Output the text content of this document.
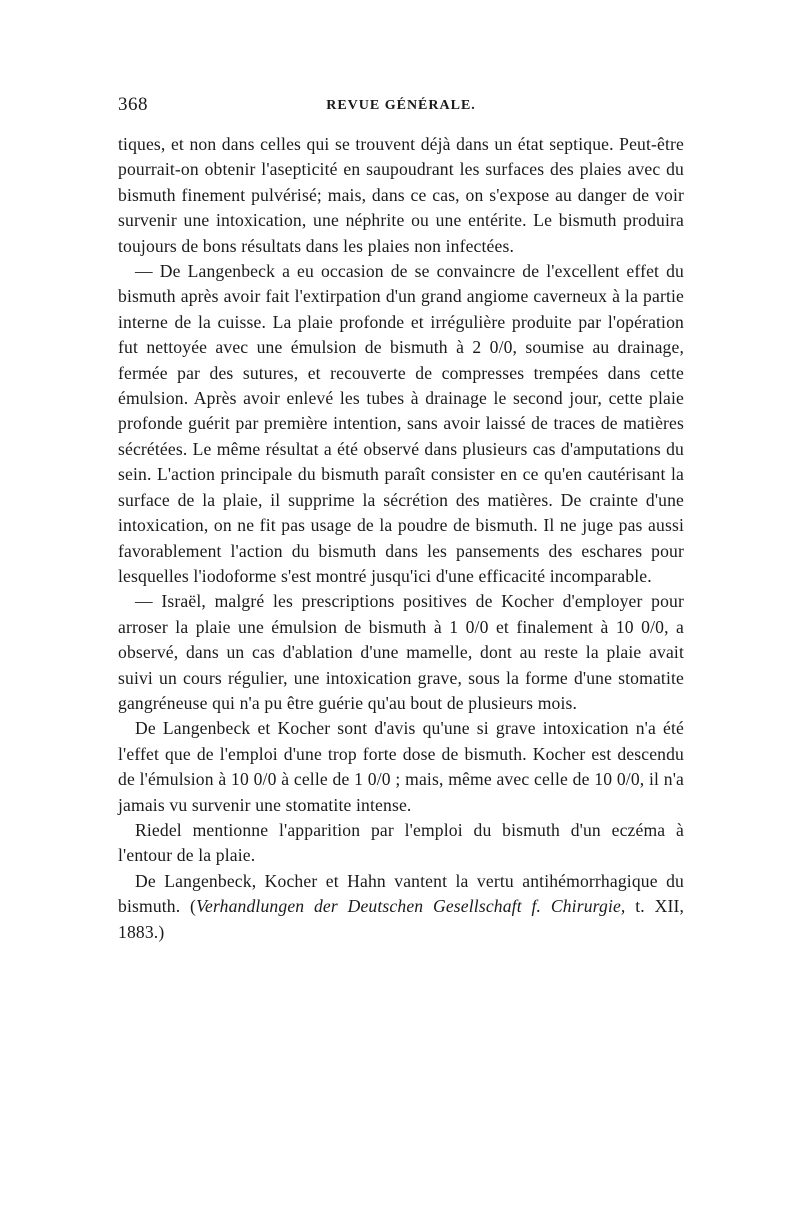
368	REVUE GÉNÉRALE.

tiques, et non dans celles qui se trouvent déjà dans un état septique. Peut-être pourrait-on obtenir l'asepticité en saupoudrant les surfaces des plaies avec du bismuth finement pulvérisé; mais, dans ce cas, on s'expose au danger de voir survenir une intoxication, une néphrite ou une entérite. Le bismuth produira toujours de bons résultats dans les plaies non infectées.

— De Langenbeck a eu occasion de se convaincre de l'excellent effet du bismuth après avoir fait l'extirpation d'un grand angiome caverneux à la partie interne de la cuisse. La plaie profonde et irrégulière produite par l'opération fut nettoyée avec une émulsion de bismuth à 2 0/0, soumise au drainage, fermée par des sutures, et recouverte de compresses trempées dans cette émulsion. Après avoir enlevé les tubes à drainage le second jour, cette plaie profonde guérit par première intention, sans avoir laissé de traces de matières sécrétées. Le même résultat a été observé dans plusieurs cas d'amputations du sein. L'action principale du bismuth paraît consister en ce qu'en cautérisant la surface de la plaie, il supprime la sécrétion des matières. De crainte d'une intoxication, on ne fit pas usage de la poudre de bismuth. Il ne juge pas aussi favorablement l'action du bismuth dans les pansements des eschares pour lesquelles l'iodoforme s'est montré jusqu'ici d'une efficacité incomparable.

— Israël, malgré les prescriptions positives de Kocher d'employer pour arroser la plaie une émulsion de bismuth à 1 0/0 et finalement à 10 0/0, a observé, dans un cas d'ablation d'une mamelle, dont au reste la plaie avait suivi un cours régulier, une intoxication grave, sous la forme d'une stomatite gangréneuse qui n'a pu être guérie qu'au bout de plusieurs mois.

De Langenbeck et Kocher sont d'avis qu'une si grave intoxication n'a été l'effet que de l'emploi d'une trop forte dose de bismuth. Kocher est descendu de l'émulsion à 10 0/0 à celle de 1 0/0 ; mais, même avec celle de 10 0/0, il n'a jamais vu survenir une stomatite intense.

Riedel mentionne l'apparition par l'emploi du bismuth d'un eczéma à l'entour de la plaie.

De Langenbeck, Kocher et Hahn vantent la vertu antihémorrhagique du bismuth. (Verhandlungen der Deutschen Gesellschaft f. Chirurgie, t. XII, 1883.)
